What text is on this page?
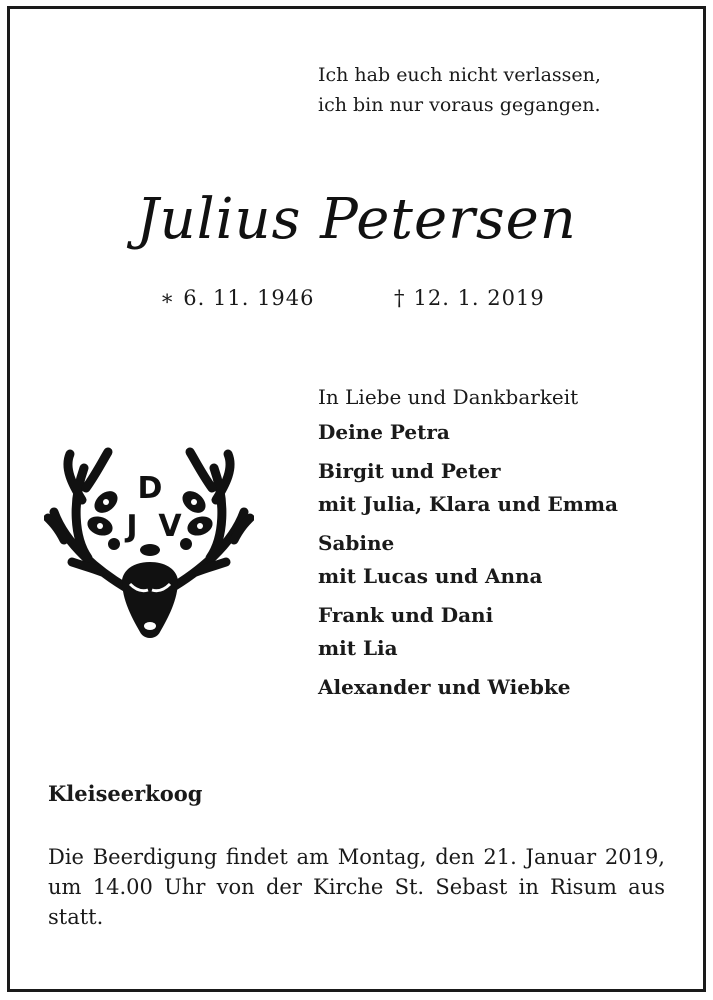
Ich hab euch nicht verlassen,
ich bin nur voraus gegangen.
Julius Petersen
∗ 6. 11. 1946	† 12. 1. 2019
In Liebe und Dankbarkeit
Deine Petra
Birgit und Peter
mit Julia, Klara und Emma
Sabine
mit Lucas und Anna
Frank und Dani
mit Lia
Alexander und Wiebke
D
J V
Kleiseerkoog
Die Beerdigung findet am Montag, den 21. Januar 2019, um 14.00 Uhr von der Kirche St. Sebast in Risum aus statt.
